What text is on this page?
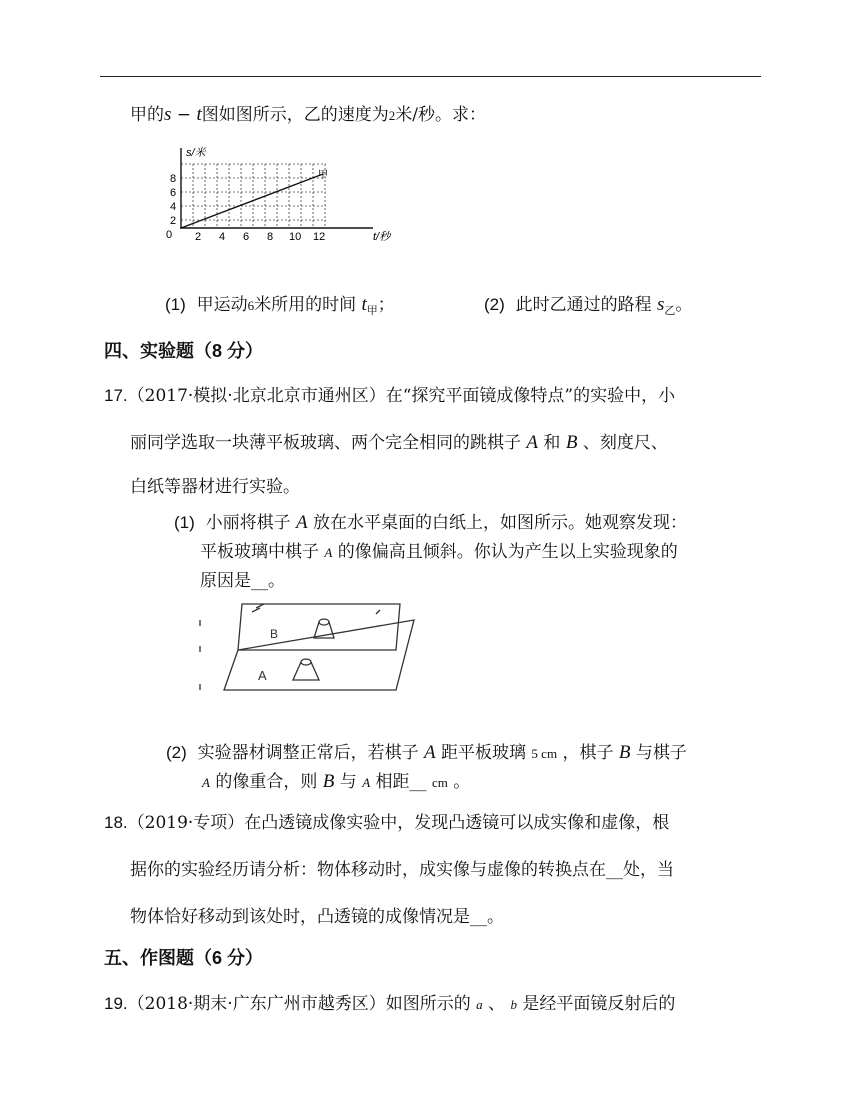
甲的s − t图如图所示，乙的速度为2米/秒。求：
s/米
甲
0
2
4
6
8
2 4 6 8 10 12	t/秒
(1) 甲运动6米所用的时间 $t_甲$；	(2) 此时乙通过的路程 $s_乙$。
四、实验题（8 分）
17.（2017·模拟·北京北京市通州区）在“探究平面镜成像特点”的实验中，小
丽同学选取一块薄平板玻璃、两个完全相同的跳棋子 A 和 B 、刻度尺、
白纸等器材进行实验。
(1) 小丽将棋子 A 放在水平桌面的白纸上，如图所示。她观察发现：
平板玻璃中棋子 A 的像偏高且倾斜。你认为产生以上实验现象的
原因是__。
B
A
(2) 实验器材调整正常后，若棋子 A 距平板玻璃 5 cm ，棋子 B 与棋子
A 的像重合，则 B 与 A 相距__ cm 。
18.（2019·专项）在凸透镜成像实验中，发现凸透镜可以成实像和虚像，根
据你的实验经历请分析：物体移动时，成实像与虚像的转换点在__处，当
物体恰好移动到该处时，凸透镜的成像情况是__。
五、作图题（6 分）
19.（2018·期末·广东广州市越秀区）如图所示的 a 、 b 是经平面镜反射后的
